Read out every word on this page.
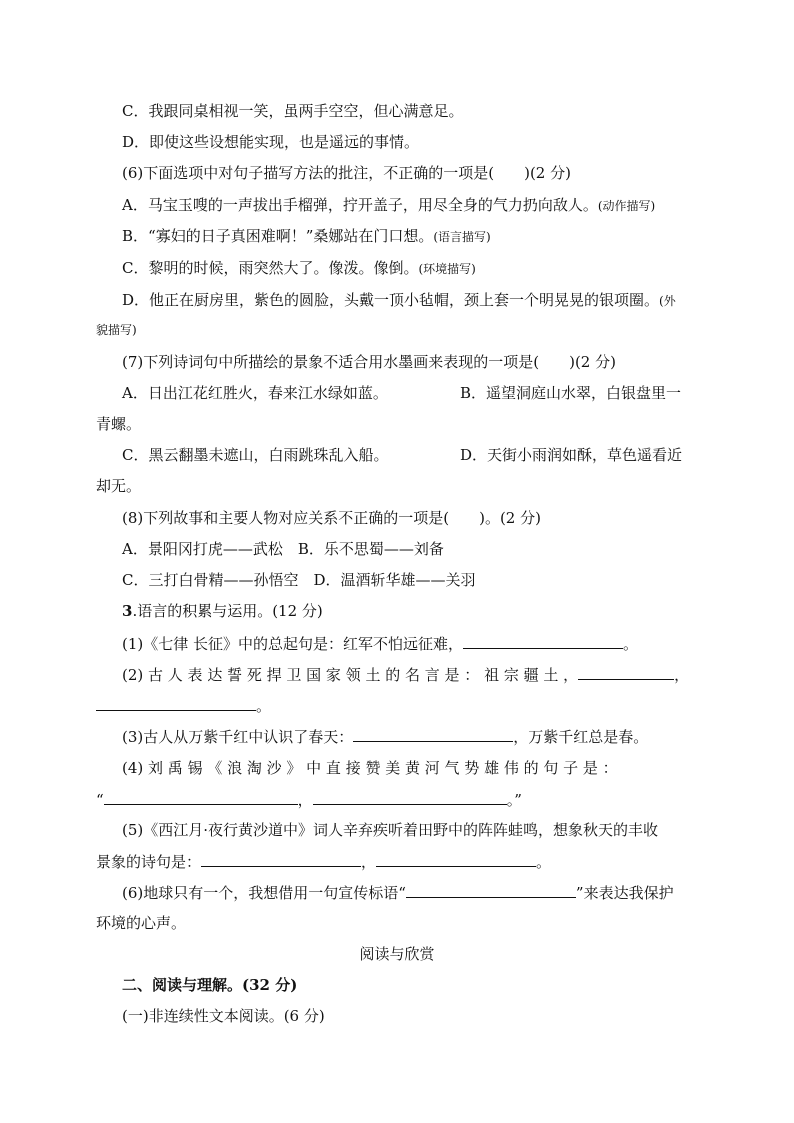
C．我跟同桌相视一笑，虽两手空空，但心满意足。
D．即使这些设想能实现，也是遥远的事情。
(6)下面选项中对句子描写方法的批注，不正确的一项是(　　)(2 分)
A．马宝玉嗖的一声拔出手榴弹，拧开盖子，用尽全身的气力扔向敌人。(动作描写)
B．“寡妇的日子真困难啊！”桑娜站在门口想。(语言描写)
C．黎明的时候，雨突然大了。像泼。像倒。(环境描写)
D．他正在厨房里，紫色的圆脸，头戴一顶小毡帽，颈上套一个明晃晃的银项圈。(外
貌描写)
(7)下列诗词句中所描绘的景象不适合用水墨画来表现的一项是(　　)(2 分)
A．日出江花红胜火，春来江水绿如蓝。	B．遥望洞庭山水翠，白银盘里一
青螺。
C．黑云翻墨未遮山，白雨跳珠乱入船。	D．天街小雨润如酥，草色遥看近
却无。
(8)下列故事和主要人物对应关系不正确的一项是(　　)。(2 分)
A．景阳冈打虎——武松　B．乐不思蜀——刘备
C．三打白骨精——孙悟空　D．温酒斩华雄——关羽
3.语言的积累与运用。(12 分)
(1)《七律 长征》中的总起句是：红军不怕远征难，	。
(2) 古 人 表 达 誓 死 捍 卫 国 家 领 土 的 名 言 是 ： 祖 宗 疆 土 ，	，
。
(3)古人从万紫千红中认识了春天：	，万紫千红总是春。
(4) 刘 禹 锡 《 浪 淘 沙 》 中 直 接 赞 美 黄 河 气 势 雄 伟 的 句 子 是 ：
“	，	。”
(5)《西江月·夜行黄沙道中》词人辛弃疾听着田野中的阵阵蛙鸣，想象秋天的丰收
景象的诗句是：	，	。
(6)地球只有一个，我想借用一句宣传标语“	”来表达我保护
环境的心声。
阅读与欣赏
二、阅读与理解。(32 分)
(一)非连续性文本阅读。(6 分)
